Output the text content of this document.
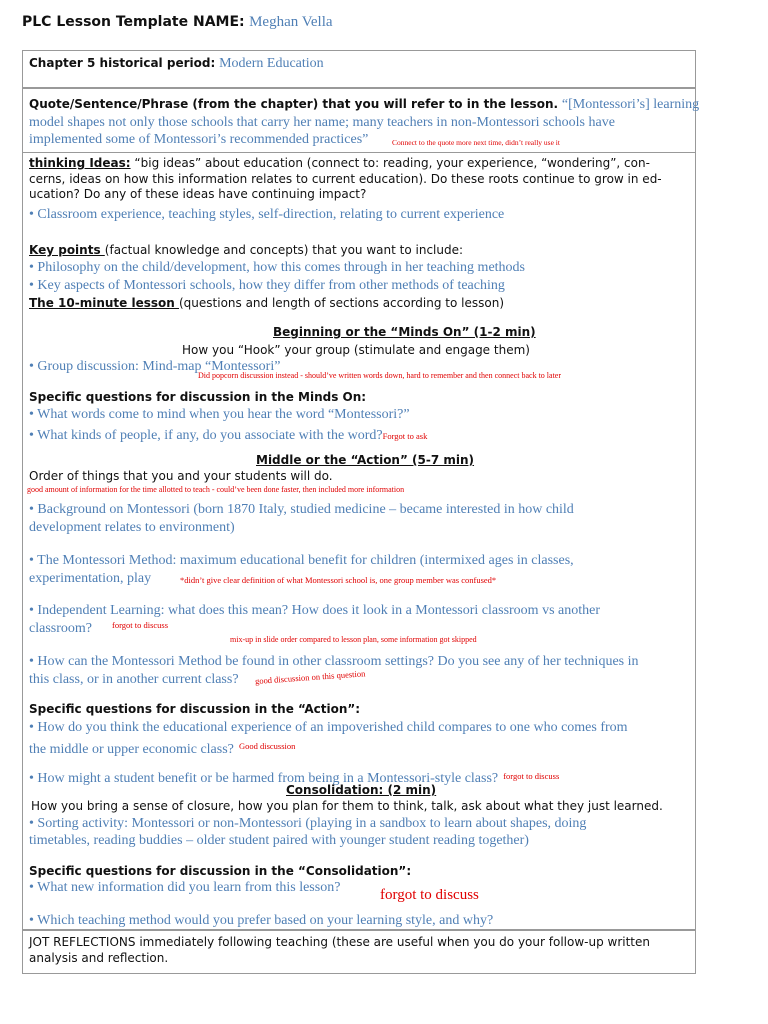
PLC Lesson Template NAME: Meghan Vella
Chapter 5 historical period: Modern Education
Quote/Sentence/Phrase (from the chapter) that you will refer to in the lesson. “[Montessori’s] learning
model shapes not only those schools that carry her name; many teachers in non-Montessori schools have
implemented some of Montessori’s recommended practices”	Connect to the quote more next time, didn’t really use it
thinking Ideas: “big ideas” about education (connect to: reading, your experience, “wondering”, con-
cerns, ideas on how this information relates to current education). Do these roots continue to grow in ed-
ucation? Do any of these ideas have continuing impact?
• Classroom experience, teaching styles, self-direction, relating to current experience
Key points (factual knowledge and concepts) that you want to include:
• Philosophy on the child/development, how this comes through in her teaching methods
• Key aspects of Montessori schools, how they differ from other methods of teaching
The 10-minute lesson (questions and length of sections according to lesson)
Beginning or the “Minds On” (1-2 min)
How you “Hook” your group (stimulate and engage them)
• Group discussion: Mind-map “Montessori”
Did popcorn discussion instead - should’ve written words down, hard to remember and then connect back to later
Specific questions for discussion in the Minds On:
• What words come to mind when you hear the word “Montessori?”
• What kinds of people, if any, do you associate with the word?Forgot to ask
Middle or the “Action” (5-7 min)
Order of things that you and your students will do.
good amount of information for the time allotted to teach - could’ve been done faster, then included more information
• Background on Montessori (born 1870 Italy, studied medicine – became interested in how child
development relates to environment)
• The Montessori Method: maximum educational benefit for children (intermixed ages in classes,
experimentation, play	*didn’t give clear definition of what Montessori school is, one group member was confused*
• Independent Learning: what does this mean? How does it look in a Montessori classroom vs another
classroom? forgot to discuss
mix-up in slide order compared to lesson plan, some information got skipped
• How can the Montessori Method be found in other classroom settings? Do you see any of her techniques in
this class, or in another current class? good discussion on this question
Specific questions for discussion in the “Action”:
• How do you think the educational experience of an impoverished child compares to one who comes from
the middle or upper economic class? $^{Good discussion}$
• How might a student benefit or be harmed from being in a Montessori-style class? forgot to discuss
Consolidation: (2 min)
How you bring a sense of closure, how you plan for them to think, talk, ask about what they just learned.
• Sorting activity: Montessori or non-Montessori (playing in a sandbox to learn about shapes, doing
timetables, reading buddies – older student paired with younger student reading together)
Specific questions for discussion in the “Consolidation”:
• What new information did you learn from this lesson?	forgot to discuss
• Which teaching method would you prefer based on your learning style, and why?
JOT REFLECTIONS immediately following teaching (these are useful when you do your follow-up written
analysis and reflection.
